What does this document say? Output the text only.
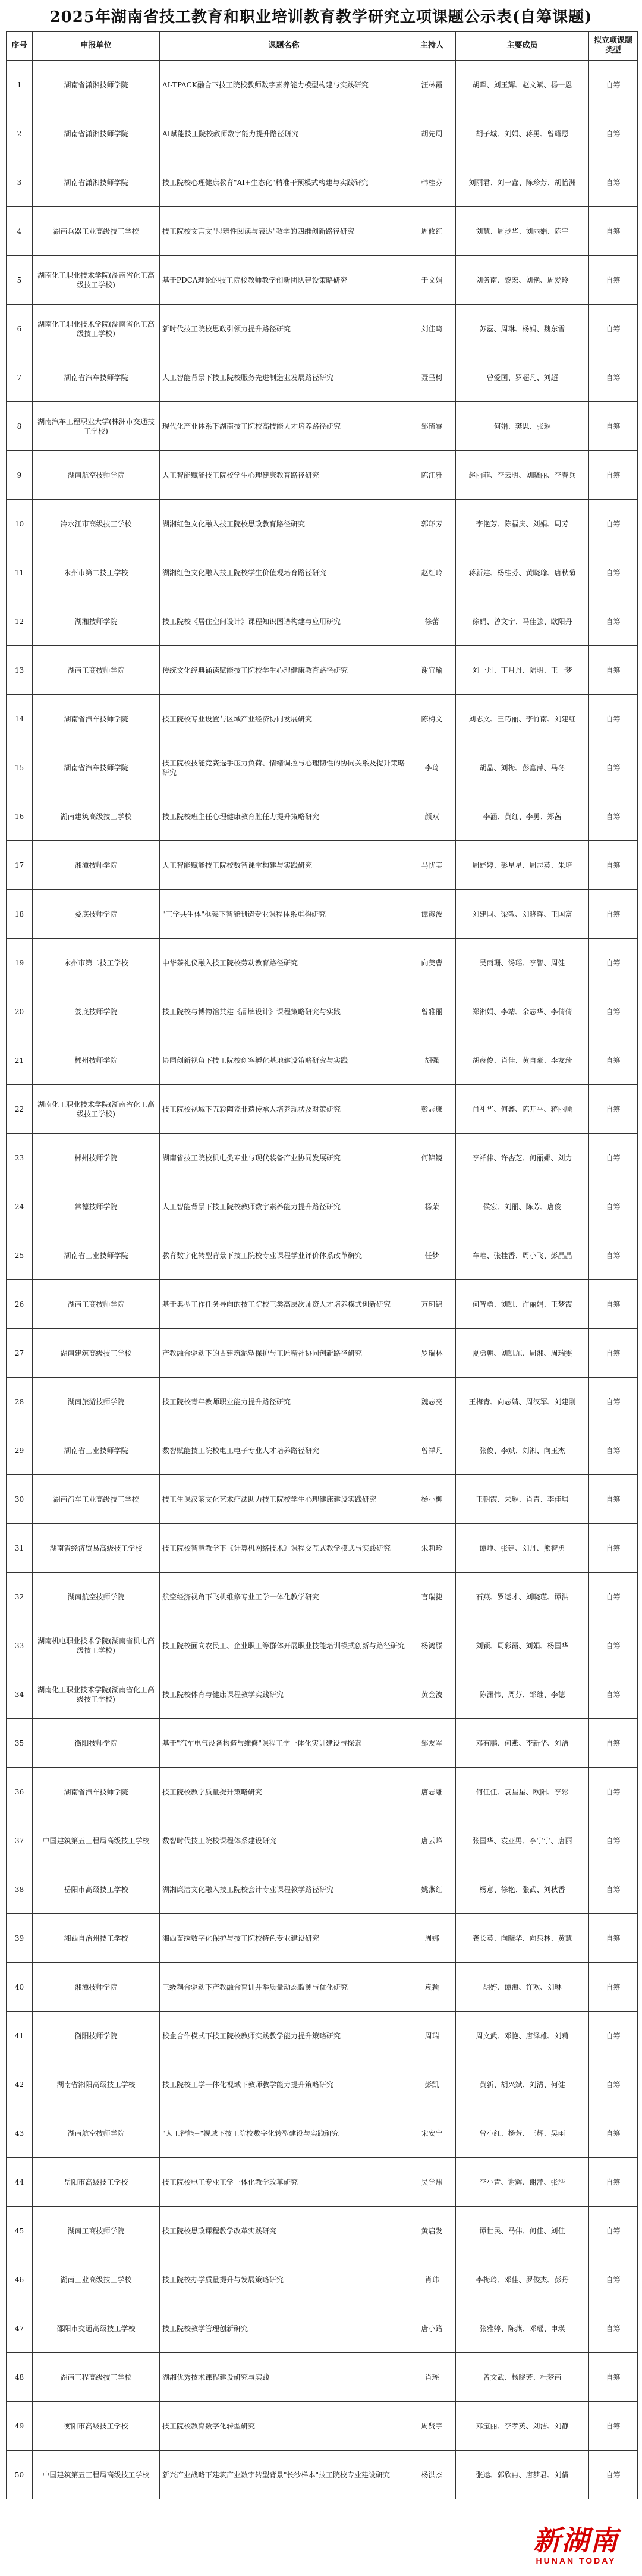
2025年湖南省技工教育和职业培训教育教学研究立项课题公示表(自筹课题)
序号	申报单位	课题名称	主持人	主要成员	拟立项课题类型
1	湖南省潇湘技师学院	AI-TPACK融合下技工院校教师数字素养能力模型构建与实践研究	汪林霞	胡晖、刘玉辉、赵文斌、杨一恩	自筹
2	湖南省潇湘技师学院	AI赋能技工院校教师数字能力提升路径研究	胡先周	胡子城、刘娟、蒋勇、曾耀恩	自筹
3	湖南省潇湘技师学院	技工院校心理健康教育"AI+生态化"精准干预模式构建与实践研究	韩桂芬	刘丽君、刘一鑫、陈珍芳、胡怡洲	自筹
4	湖南兵器工业高级技工学校	技工院校文言文"思辨性阅读与表达"教学的四维创新路径研究	周攸红	刘慧、周步华、刘丽娟、陈宇	自筹
5	湖南化工职业技术学院(湖南省化工高级技工学校)	基于PDCA理论的技工院校教师教学创新团队建设策略研究	于文娟	刘务南、黎宏、刘艳、周爱玲	自筹
6	湖南化工职业技术学院(湖南省化工高级技工学校)	新时代技工院校思政引领力提升路径研究	刘佳琦	苏磊、周琳、杨娟、魏东雪	自筹
7	湖南省汽车技师学院	人工智能背景下技工院校服务先进制造业发展路径研究	聂呈树	曾爱国、罗超凡、刘超	自筹
8	湖南汽车工程职业大学(株洲市交通技工学校)	现代化产业体系下湖南技工院校高技能人才培养路径研究	邹琦睿	何娟、樊思、张琳	自筹
9	湖南航空技师学院	人工智能赋能技工院校学生心理健康教育路径研究	陈江雅	赵丽菲、李云明、刘晓丽、李春兵	自筹
10	冷水江市高级技工学校	湖湘红色文化融入技工院校思政教育路径研究	郭环芳	李艳芳、陈福庆、刘娟、周芳	自筹
11	永州市第二技工学校	湖湘红色文化融入技工院校学生价值观培育路径研究	赵红玲	蒋新建、杨桂芬、黄晓瑜、唐秋菊	自筹
12	湖湘技师学院	技工院校《居住空间设计》课程知识图谱构建与应用研究	徐蕾	徐娟、曾文宁、马佳弦、欧阳丹	自筹
13	湖南工商技师学院	传统文化经典诵读赋能技工院校学生心理健康教育路径研究	谢宜瑜	刘一丹、丁月丹、陆明、王一梦	自筹
14	湖南省汽车技师学院	技工院校专业设置与区域产业经济协同发展研究	陈梅文	刘志文、王巧丽、李竹南、刘建红	自筹
15	湖南省汽车技师学院	技工院校技能竞赛选手压力负荷、情绪调控与心理韧性的协同关系及提升策略研究	李琦	胡晶、刘梅、彭鑫萍、马冬	自筹
16	湖南建筑高级技工学校	技工院校班主任心理健康教育胜任力提升策略研究	颜双	李涵、黄红、李勇、郑茜	自筹
17	湘潭技师学院	人工智能赋能技工院校数智课堂构建与实践研究	马忧美	周妤婷、彭星星、周志英、朱培	自筹
18	娄底技师学院	"工学共生体"框架下智能制造专业课程体系重构研究	谭彦波	刘建国、梁敬、刘晓晖、王国富	自筹
19	永州市第二技工学校	中华茶礼仪融入技工院校劳动教育路径研究	向美曹	吴雨珊、汤瑶、李智、周健	自筹
20	娄底技师学院	技工院校与博物馆共建《品牌设计》课程策略研究与实践	曾雅丽	郑湘娟、李靖、余志华、李倩倩	自筹
21	郴州技师学院	协同创新视角下技工院校创客孵化基地建设策略研究与实践	胡强	胡彦俊、肖佳、黄自豪、李友琦	自筹
22	湖南化工职业技术学院(湖南省化工高级技工学校)	技工院校视域下五彩陶瓷非遗传承人培养现状及对策研究	彭志康	肖礼华、何鑫、陈开平、蒋丽顺	自筹
23	郴州技师学院	湖南省技工院校机电类专业与现代装备产业协同发展研究	何锦镜	李祥伟、许杏芝、何丽娜、刘力	自筹
24	常德技师学院	人工智能背景下技工院校教师数字素养能力提升路径研究	杨荣	侯宏、刘丽、陈芳、唐俊	自筹
25	湖南省工业技师学院	教育数字化转型背景下技工院校专业课程学业评价体系改革研究	任梦	车唯、张桂香、周小飞、彭晶晶	自筹
26	湖南工商技师学院	基于典型工作任务导向的技工院校三类高层次师资人才培养模式创新研究	万珂锦	何智勇、刘凯、许丽娟、王梦霞	自筹
27	湖南建筑高级技工学校	产教融合驱动下的古建筑泥塑保护与工匠精神协同创新路径研究	罗瑞林	夏勇朝、刘凯东、周湘、周瑞雯	自筹
28	湖南旅游技师学院	技工院校青年教师职业能力提升路径研究	魏志亮	王梅青、向志婧、周汉军、刘建刚	自筹
29	湖南省工业技师学院	数智赋能技工院校电工电子专业人才培养路径研究	曾祥凡	张俊、李斌、刘湘、向玉杰	自筹
30	湖南汽车工业高级技工学校	技工生课汉篆文化艺术疗法助力技工院校学生心理健康建设实践研究	杨小柳	王朝霞、朱琳、肖青、李佳琪	自筹
31	湖南省经济贸易高级技工学校	技工院校智慧教学下《计算机网络技术》课程交互式教学模式与实践研究	朱莉珍	谭峥、张建、刘丹、熊智勇	自筹
32	湖南航空技师学院	航空经济视角下飞机维修专业工学一体化教学研究	言瑞捷	石燕、罗运才、刘晓瑾、谭洪	自筹
33	湖南机电职业技术学院(湖南省机电高级技工学校)	技工院校面向农民工、企业职工等群体开展职业技能培训模式创新与路径研究	杨鸿滕	刘颖、周彩霞、刘娟、杨国华	自筹
34	湖南化工职业技术学院(湖南省化工高级技工学校)	技工院校体育与健康课程教学实践研究	黄金波	陈渊伟、周芬、邹维、李德	自筹
35	衡阳技师学院	基于"汽车电气设备构造与维修"课程工学一体化实训建设与探索	邹友军	邓有鹏、何燕、李新华、刘洁	自筹
36	湖南省汽车技师学院	技工院校教学质量提升策略研究	唐志雕	何佳佳、袁星星、欧阳、李彩	自筹
37	中国建筑第五工程局高级技工学校	数智时代技工院校课程体系建设研究	唐云峰	张国华、袁亚男、李宁宁、唐丽	自筹
38	岳阳市高级技工学校	湖湘廉洁文化融入技工院校会计专业课程教学路径研究	姚燕红	杨意、徐艳、张武、刘秋香	自筹
39	湘西自治州技工学校	湘西苗绣数字化保护与技工院校特色专业建设研究	周娜	龚长英、向晓华、向泉林、黄慧	自筹
40	湘潭技师学院	三级耦合驱动下产教融合育训并举质量动态监测与优化研究	袁颖	胡婷、谭海、许欢、刘琳	自筹
41	衡阳技师学院	校企合作模式下技工院校教师实践教学能力提升策略研究	周瑞	周文武、邓艳、唐泽雄、刘莉	自筹
42	湖南省湘阳高级技工学校	技工院校工学一体化视域下教师教学能力提升策略研究	彭凯	黄新、胡兴斌、刘清、何健	自筹
43	湖南航空技师学院	"人工智能+"视域下技工院校数字化转型建设与实践研究	宋安宁	曾小红、杨芳、王辉、吴雨	自筹
44	岳阳市高级技工学校	技工院校电工专业工学一体化教学改革研究	吴学炜	李小青、谢辉、谢萍、张浩	自筹
45	湖南工商技师学院	技工院校思政课程教学改革实践研究	黄启发	谭世民、马伟、何佳、刘佳	自筹
46	湖南工业高级技工学校	技工院校办学质量提升与发展策略研究	肖玮	李梅玲、邓佳、罗俊杰、彭丹	自筹
47	邵阳市交通高级技工学校	技工院校教学管理创新研究	唐小路	张雅婷、陈燕、邓瑶、申瑛	自筹
48	湖南工程高级技工学校	湖湘优秀技术课程建设研究与实践	肖瑶	曾文武、杨晓芳、杜梦南	自筹
49	衡阳市高级技工学校	技工院校教育数字化转型研究	周贤宇	邓宝丽、李孝英、刘洁、刘静	自筹
50	中国建筑第五工程局高级技工学校	新兴产业战略下建筑产业数字转型背景"长沙样本"技工院校专业建设研究	杨洪杰	张运、郭欣冉、唐梦君、刘倩	自筹
新湖南
HUNAN TODAY
